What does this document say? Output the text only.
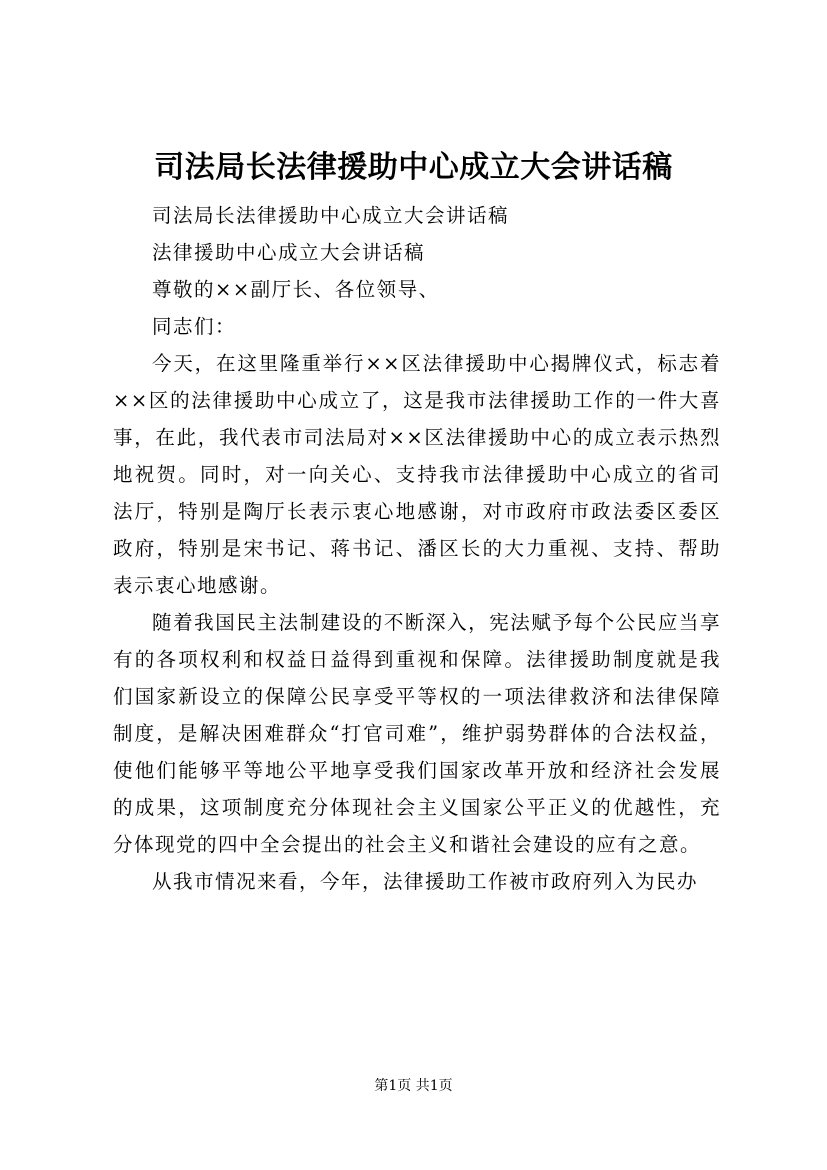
司法局长法律援助中心成立大会讲话稿

司法局长法律援助中心成立大会讲话稿

法律援助中心成立大会讲话稿

尊敬的××副厅长、各位领导、

同志们：

今天，在这里隆重举行××区法律援助中心揭牌仪式，标志着××区的法律援助中心成立了，这是我市法律援助工作的一件大喜事，在此，我代表市司法局对××区法律援助中心的成立表示热烈地祝贺。同时，对一向关心、支持我市法律援助中心成立的省司法厅，特别是陶厅长表示衷心地感谢，对市政府市政法委区委区政府，特别是宋书记、蒋书记、潘区长的大力重视、支持、帮助表示衷心地感谢。

随着我国民主法制建设的不断深入，宪法赋予每个公民应当享有的各项权利和权益日益得到重视和保障。法律援助制度就是我们国家新设立的保障公民享受平等权的一项法律救济和法律保障制度，是解决困难群众“打官司难”，维护弱势群体的合法权益，使他们能够平等地公平地享受我们国家改革开放和经济社会发展的成果，这项制度充分体现社会主义国家公平正义的优越性，充分体现党的四中全会提出的社会主义和谐社会建设的应有之意。

从我市情况来看，今年，法律援助工作被市政府列入为民办

第1页 共1页
